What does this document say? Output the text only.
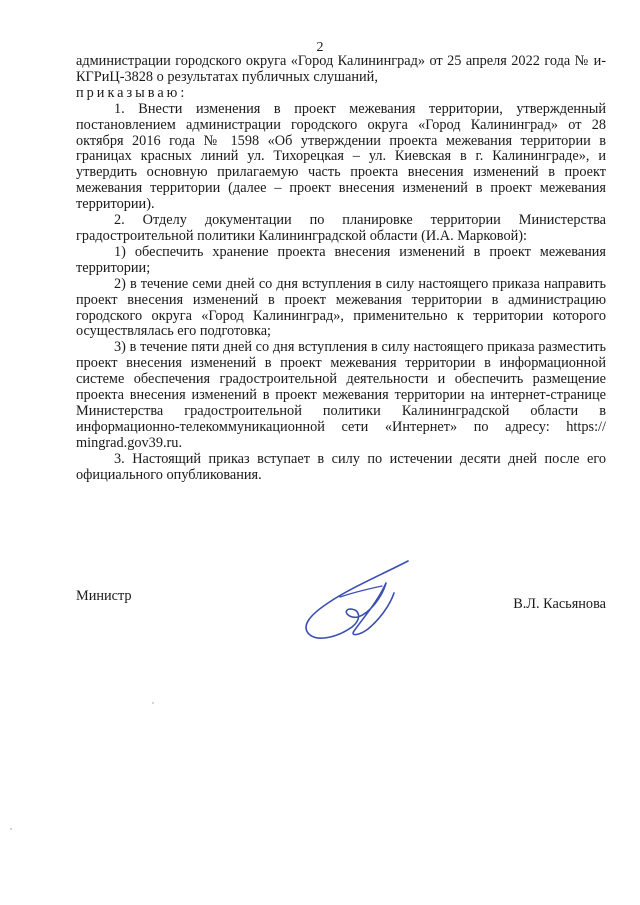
2

администрации городского округа «Город Калининград» от 25 апреля 2022 года № и-КГРиЦ-3828 о результатах публичных слушаний,

приказываю:

1. Внести изменения в проект межевания территории, утвержденный постановлением администрации городского округа «Город Калининград» от 28 октября 2016 года № 1598 «Об утверждении проекта межевания территории в границах красных линий ул. Тихорецкая – ул. Киевская в г. Калининграде», и утвердить основную прилагаемую часть проекта внесения изменений в проект межевания территории (далее – проект внесения изменений в проект межевания территории).

2. Отделу документации по планировке территории Министерства градостроительной политики Калининградской области (И.А. Марковой):

1) обеспечить хранение проекта внесения изменений в проект межевания территории;

2) в течение семи дней со дня вступления в силу настоящего приказа направить проект внесения изменений в проект межевания территории в администрацию городского округа «Город Калининград», применительно к территории которого осуществлялась его подготовка;

3) в течение пяти дней со дня вступления в силу настоящего приказа разместить проект внесения изменений в проект межевания территории в информационной системе обеспечения градостроительной деятельности и обеспечить размещение проекта внесения изменений в проект межевания территории на интернет-странице Министерства градостроительной политики Калининградской области в информационно-телекоммуникационной сети «Интернет» по адресу: https:// mingrad.gov39.ru.

3. Настоящий приказ вступает в силу по истечении десяти дней после его официального опубликования.

Министр	В.Л. Касьянова
